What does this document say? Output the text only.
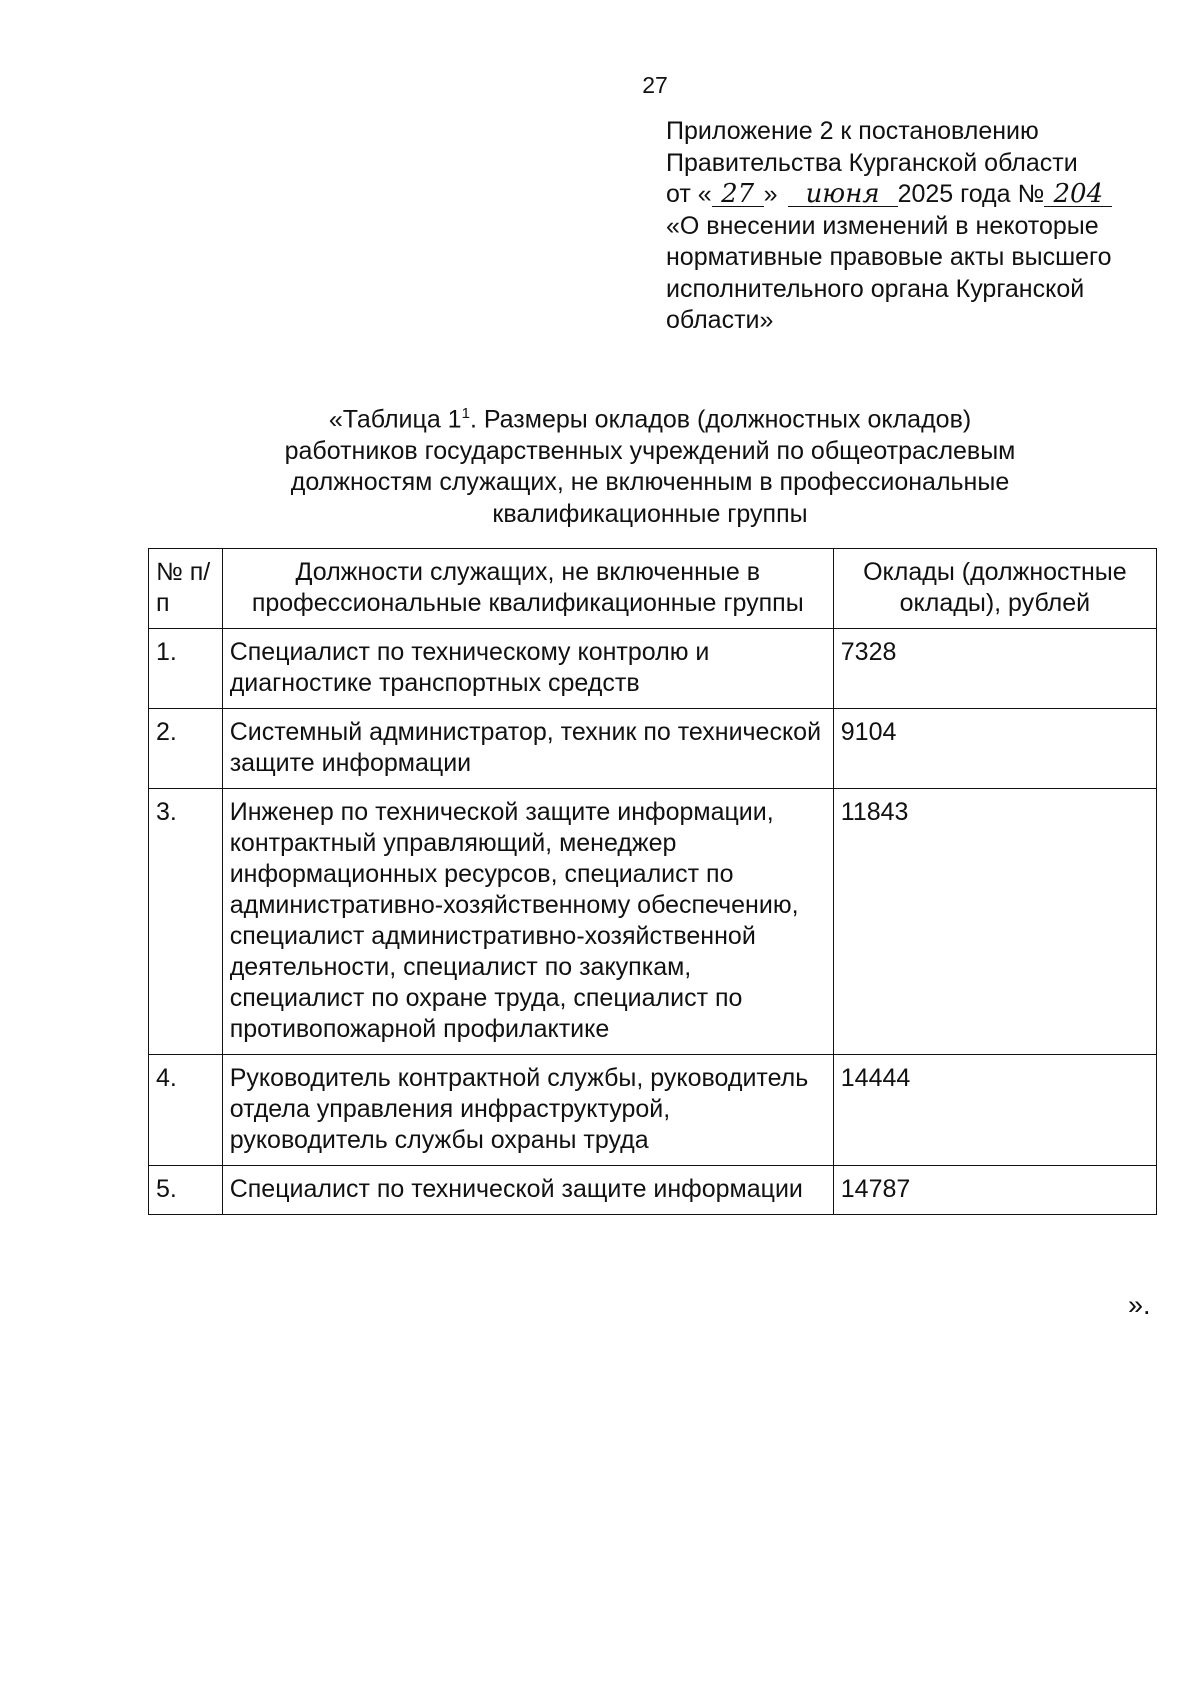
27
Приложение 2 к постановлению
Правительства Курганской области
от « 27 » июня 2025 года № 204
«О внесении изменений в некоторые
нормативные правовые акты высшего
исполнительного органа Курганской
области»
«Таблица $1^1$. Размеры окладов (должностных окладов)
работников государственных учреждений по общеотраслевым
должностям служащих, не включенным в профессиональные
квалификационные группы
№ п/п	Должности служащих, не включенные в профессиональные квалификационные группы	Оклады (должностные оклады), рублей
1.	Специалист по техническому контролю и диагностике транспортных средств	7328
2.	Системный администратор, техник по технической защите информации	9104
3.	Инженер по технической защите информации, контрактный управляющий, менеджер информационных ресурсов, специалист по административно-хозяйственному обеспечению, специалист административно-хозяйственной деятельности, специалист по закупкам, специалист по охране труда, специалист по противопожарной профилактике	11843
4.	Руководитель контрактной службы, руководитель отдела управления инфраструктурой, руководитель службы охраны труда	14444
5.	Специалист по технической защите информации	14787
».
